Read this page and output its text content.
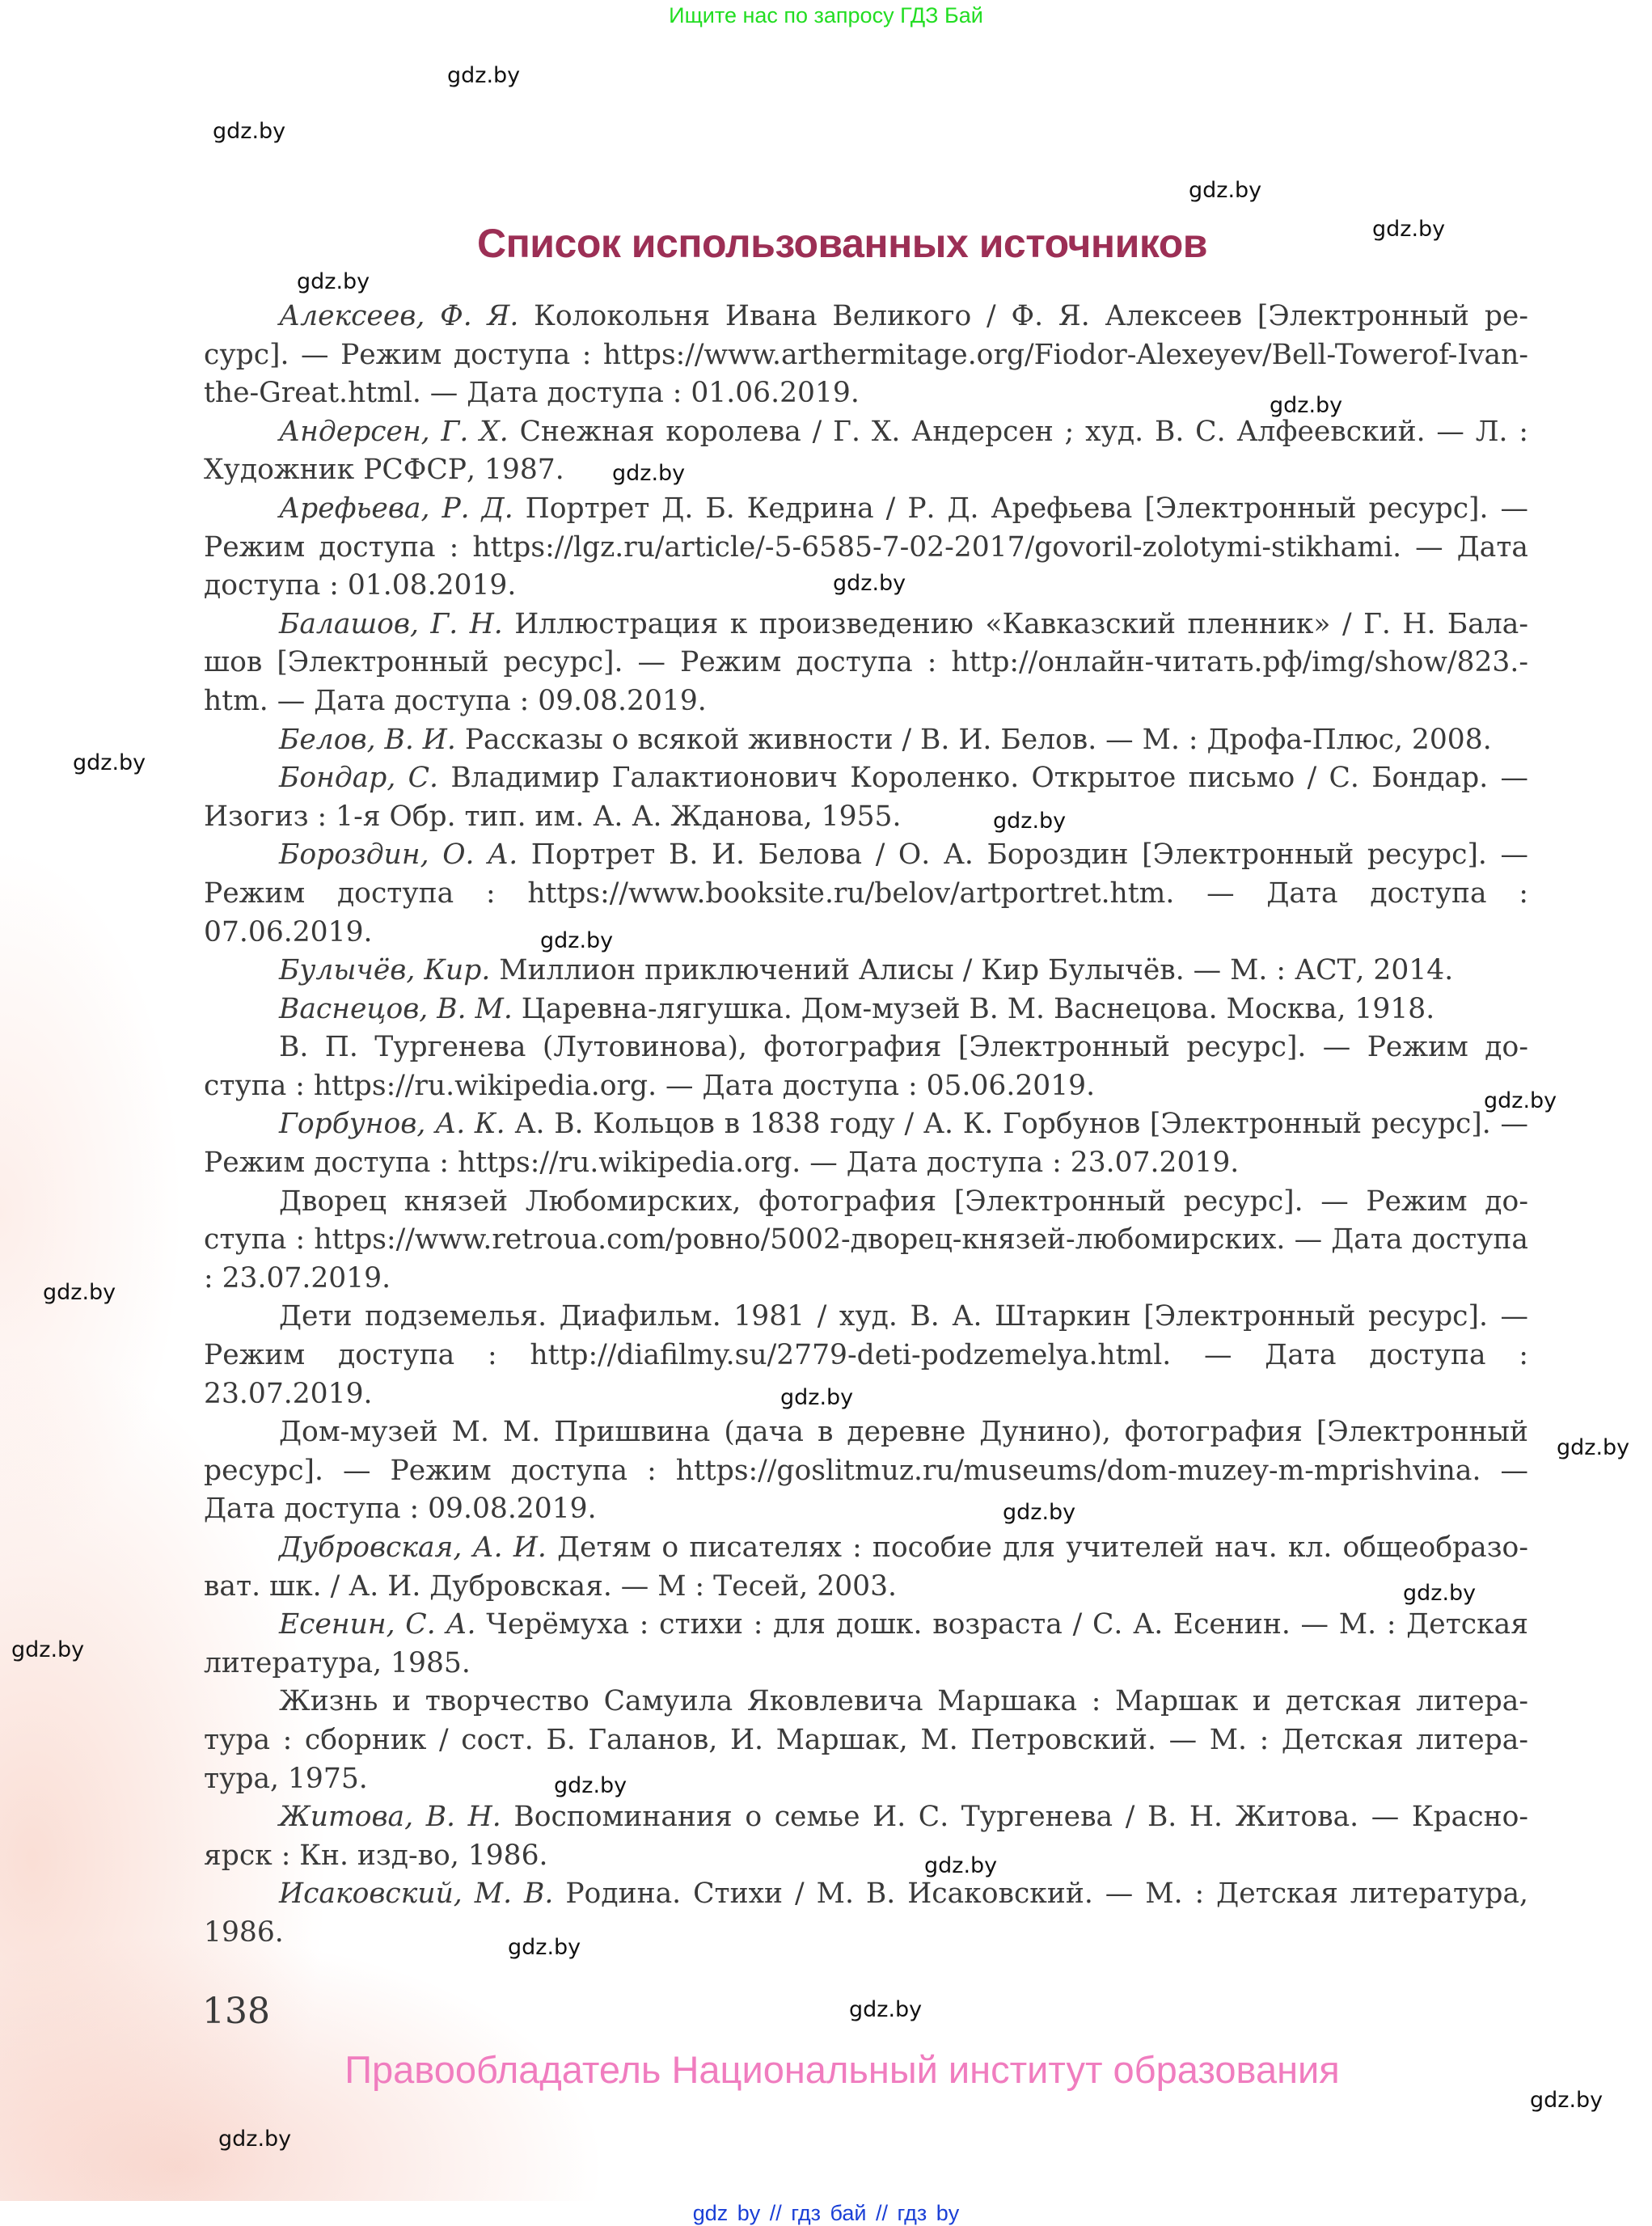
Ищите нас по запросу ГДЗ Бай
Список использованных источников

Алексеев, Ф. Я. Колокольня Ивана Великого / Ф. Я. Алексеев [Электронный ресурс]. — Режим доступа : https://www.arthermitage.org/Fiodor-Alexeyev/Bell-Towerof-Ivan-the-Great.html. — Дата доступа : 01.06.2019.

Андерсен, Г. Х. Снежная королева / Г. Х. Андерсен ; худ. В. С. Алфеевский. — Л. : Художник РСФСР, 1987.

Арефьева, Р. Д. Портрет Д. Б. Кедрина / Р. Д. Арефьева [Электронный ресурс]. — Режим доступа : https://lgz.ru/article/-5-6585-7-02-2017/govoril-zolotymi-stikhami. — Дата доступа : 01.08.2019.

Балашов, Г. Н. Иллюстрация к произведению «Кавказский пленник» / Г. Н. Балашов [Электронный ресурс]. — Режим доступа : http://онлайн-читать.рф/img/show/823.htm. — Дата доступа : 09.08.2019.

Белов, В. И. Рассказы о всякой живности / В. И. Белов. — М. : Дрофа-Плюс, 2008.

Бондар, С. Владимир Галактионович Короленко. Открытое письмо / С. Бондар. — Изогиз : 1-я Обр. тип. им. А. А. Жданова, 1955.

Бороздин, О. А. Портрет В. И. Белова / О. А. Бороздин [Электронный ресурс]. — Режим доступа : https://www.booksite.ru/belov/artportret.htm. — Дата доступа : 07.06.2019.

Булычёв, Кир. Миллион приключений Алисы / Кир Булычёв. — М. : АСТ, 2014.

Васнецов, В. М. Царевна-лягушка. Дом-музей В. М. Васнецова. Москва, 1918.

В. П. Тургенева (Лутовинова), фотография [Электронный ресурс]. — Режим доступа : https://ru.wikipedia.org. — Дата доступа : 05.06.2019.

Горбунов, А. К. А. В. Кольцов в 1838 году / А. К. Горбунов [Электронный ресурс]. — Режим доступа : https://ru.wikipedia.org. — Дата доступа : 23.07.2019.

Дворец князей Любомирских, фотография [Электронный ресурс]. — Режим доступа : https://www.retroua.com/ровно/5002-дворец-князей-любомирских. — Дата доступа : 23.07.2019.

Дети подземелья. Диафильм. 1981 / худ. В. А. Штаркин [Электронный ресурс]. — Режим доступа : http://diafilmy.su/2779-deti-podzemelya.html. — Дата доступа : 23.07.2019.

Дом-музей М. М. Пришвина (дача в деревне Дунино), фотография [Электронный ресурс]. — Режим доступа : https://goslitmuz.ru/museums/dom-muzey-m-mprishvina. — Дата доступа : 09.08.2019.

Дубровская, А. И. Детям о писателях : пособие для учителей нач. кл. общеобразоват. шк. / А. И. Дубровская. — М : Тесей, 2003.

Есенин, С. А. Черёмуха : стихи : для дошк. возраста / С. А. Есенин. — М. : Детская литература, 1985.

Жизнь и творчество Самуила Яковлевича Маршака : Маршак и детская литература : сборник / сост. Б. Галанов, И. Маршак, М. Петровский. — М. : Детская литература, 1975.

Житова, В. Н. Воспоминания о семье И. С. Тургенева / В. Н. Житова. — Красноярск : Кн. изд-во, 1986.

Исаковский, М. В. Родина. Стихи / М. В. Исаковский. — М. : Детская литература, 1986.

138
Правообладатель Национальный институт образования
gdz.by
gdz.by
gdz.by
gdz.by
gdz.by
gdz.by
gdz.by
gdz.by
gdz.by
gdz.by
gdz.by
gdz.by
gdz.by
gdz.by
gdz.by
gdz.by
gdz.by
gdz.by
gdz.by
gdz.by
gdz.by
gdz.by
gdz.by
gdz.by
gdz by // гдз бай // гдз by
